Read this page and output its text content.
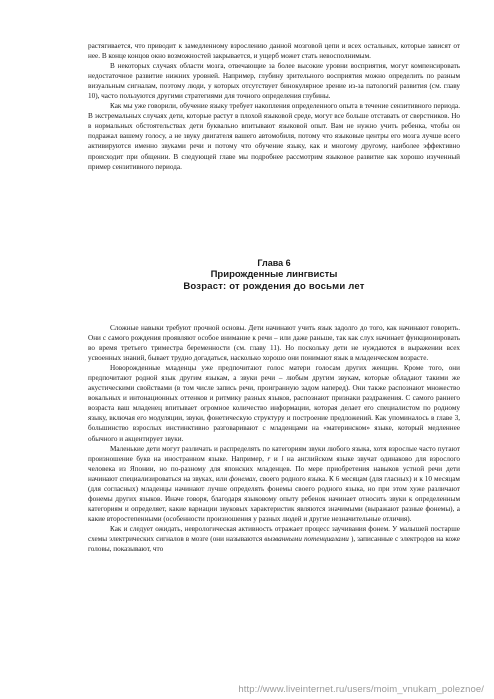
растягивается, что приводит к замедленному взрослению данной мозговой цепи и всех остальных, которые зависят от нее. В конце концов окно возможностей закрывается, и ущерб может стать невосполнимым.

В некоторых случаях области мозга, отвечающие за более высокие уровни восприятия, могут компенсировать недостаточное развитие нижних уровней. Например, глубину зрительного восприятия можно определить по разным визуальным сигналам, поэтому люди, у которых отсутствует бинокулярное зрение из-за патологий развития (см. главу 10), часто пользуются другими стратегиями для точного определения глубины.

Как мы уже говорили, обучение языку требует накопления определенного опыта в течение сензитивного периода. В экстремальных случаях дети, которые растут в плохой языковой среде, могут все больше отставать от сверстников. Но в нормальных обстоятельствах дети буквально впитывают языковой опыт. Вам не нужно учить ребенка, чтобы он подражал вашему голосу, а не звуку двигателя вашего автомобиля, потому что языковые центры его мозга лучше всего активируются именно звуками речи и потому что обучение языку, как и многому другому, наиболее эффективно происходит при общении. В следующей главе мы подробнее рассмотрим языковое развитие как хорошо изученный пример сензитивного периода.

Глава 6
Прирожденные лингвисты
Возраст: от рождения до восьми лет

Сложные навыки требуют прочной основы. Дети начинают учить язык задолго до того, как начинают говорить. Они с самого рождения проявляют особое внимание к речи – или даже раньше, так как слух начинает функционировать во время третьего триместра беременности (см. главу 11). Но поскольку дети не нуждаются в выражении всех усвоенных знаний, бывает трудно догадаться, насколько хорошо они понимают язык в младенческом возрасте.

Новорожденные младенцы уже предпочитают голос матери голосам других женщин. Кроме того, они предпочитают родной язык другим языкам, а звуки речи – любым другим звукам, которые обладают такими же акустическими свойствами (в том числе запись речи, проигранную задом наперед). Они также распознают множество вокальных и интонационных оттенков и ритмику разных языков, распознают признаки раздражения. С самого раннего возраста ваш младенец впитывает огромное количество информации, которая делает его специалистом по родному языку, включая его модуляции, звуки, фонетическую структуру и построение предложений. Как упоминалось в главе 3, большинство взрослых инстинктивно разговаривают с младенцами на «материнском» языке, который медленнее обычного и акцентирует звуки.

Маленькие дети могут различать и распределять по категориям звуки любого языка, хотя взрослые часто путают произношение букв на иностранном языке. Например, r и l на английском языке звучат одинаково для взрослого человека из Японии, но по-разному для японских младенцев. По мере приобретения навыков устной речи дети начинают специализироваться на звуках, или фонемах, своего родного языка. К 6 месяцам (для гласных) и к 10 месяцам (для согласных) младенцы начинают лучше определять фонемы своего родного языка, но при этом хуже различают фонемы других языков. Иначе говоря, благодаря языковому опыту ребенок начинает относить звуки к определенным категориям и определяет, какие вариации звуковых характеристик являются значимыми (выражают разные фонемы), а какие второстепенными (особенности произношения у разных людей и другие незначительные отличия).

Как и следует ожидать, неврологическая активность отражает процесс заучивания фонем. У малышей постарше схемы электрических сигналов в мозге (они называются вызванными потенциалами ), записанные с электродов на коже головы, показывают, что

http://www.liveinternet.ru/users/moim_vnukam_poleznoe/
